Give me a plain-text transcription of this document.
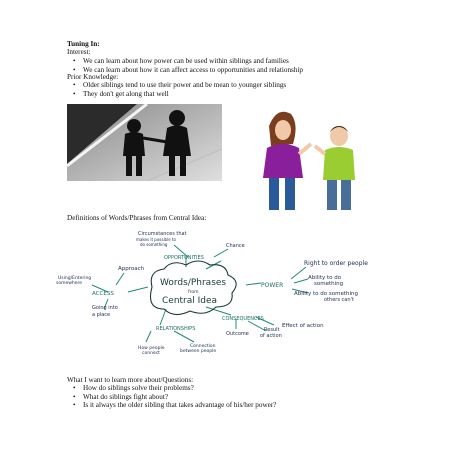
Tuning In:
Interest:
• We can learn about how power can be used within siblings and families
• We can learn about how it can affect access to opportunities and relationship
Prior Knowledge:
• Older siblings tend to use their power and be mean to younger siblings
• They don't get along that well
Definitions of Words/Phrases from Central Idea:
Words/Phrases
from
Central Idea
OPPORTUNITIES
POWER
ACCESS
CONSEQUENCES
RELATIONSHIPS
Circumstances that
makes it possible to
do something	Chance
Right to order people
Ability to do
something
Ability to do something
others can't
Approach
Using/Entering
somewhere
Going into
a place
Effect of action
Outcome
Result
of action
How people
connect
Connection
between people
What I want to learn more about/Questions:
• How do siblings solve their problems?
• What do siblings fight about?
• Is it always the older sibling that takes advantage of his/her power?
